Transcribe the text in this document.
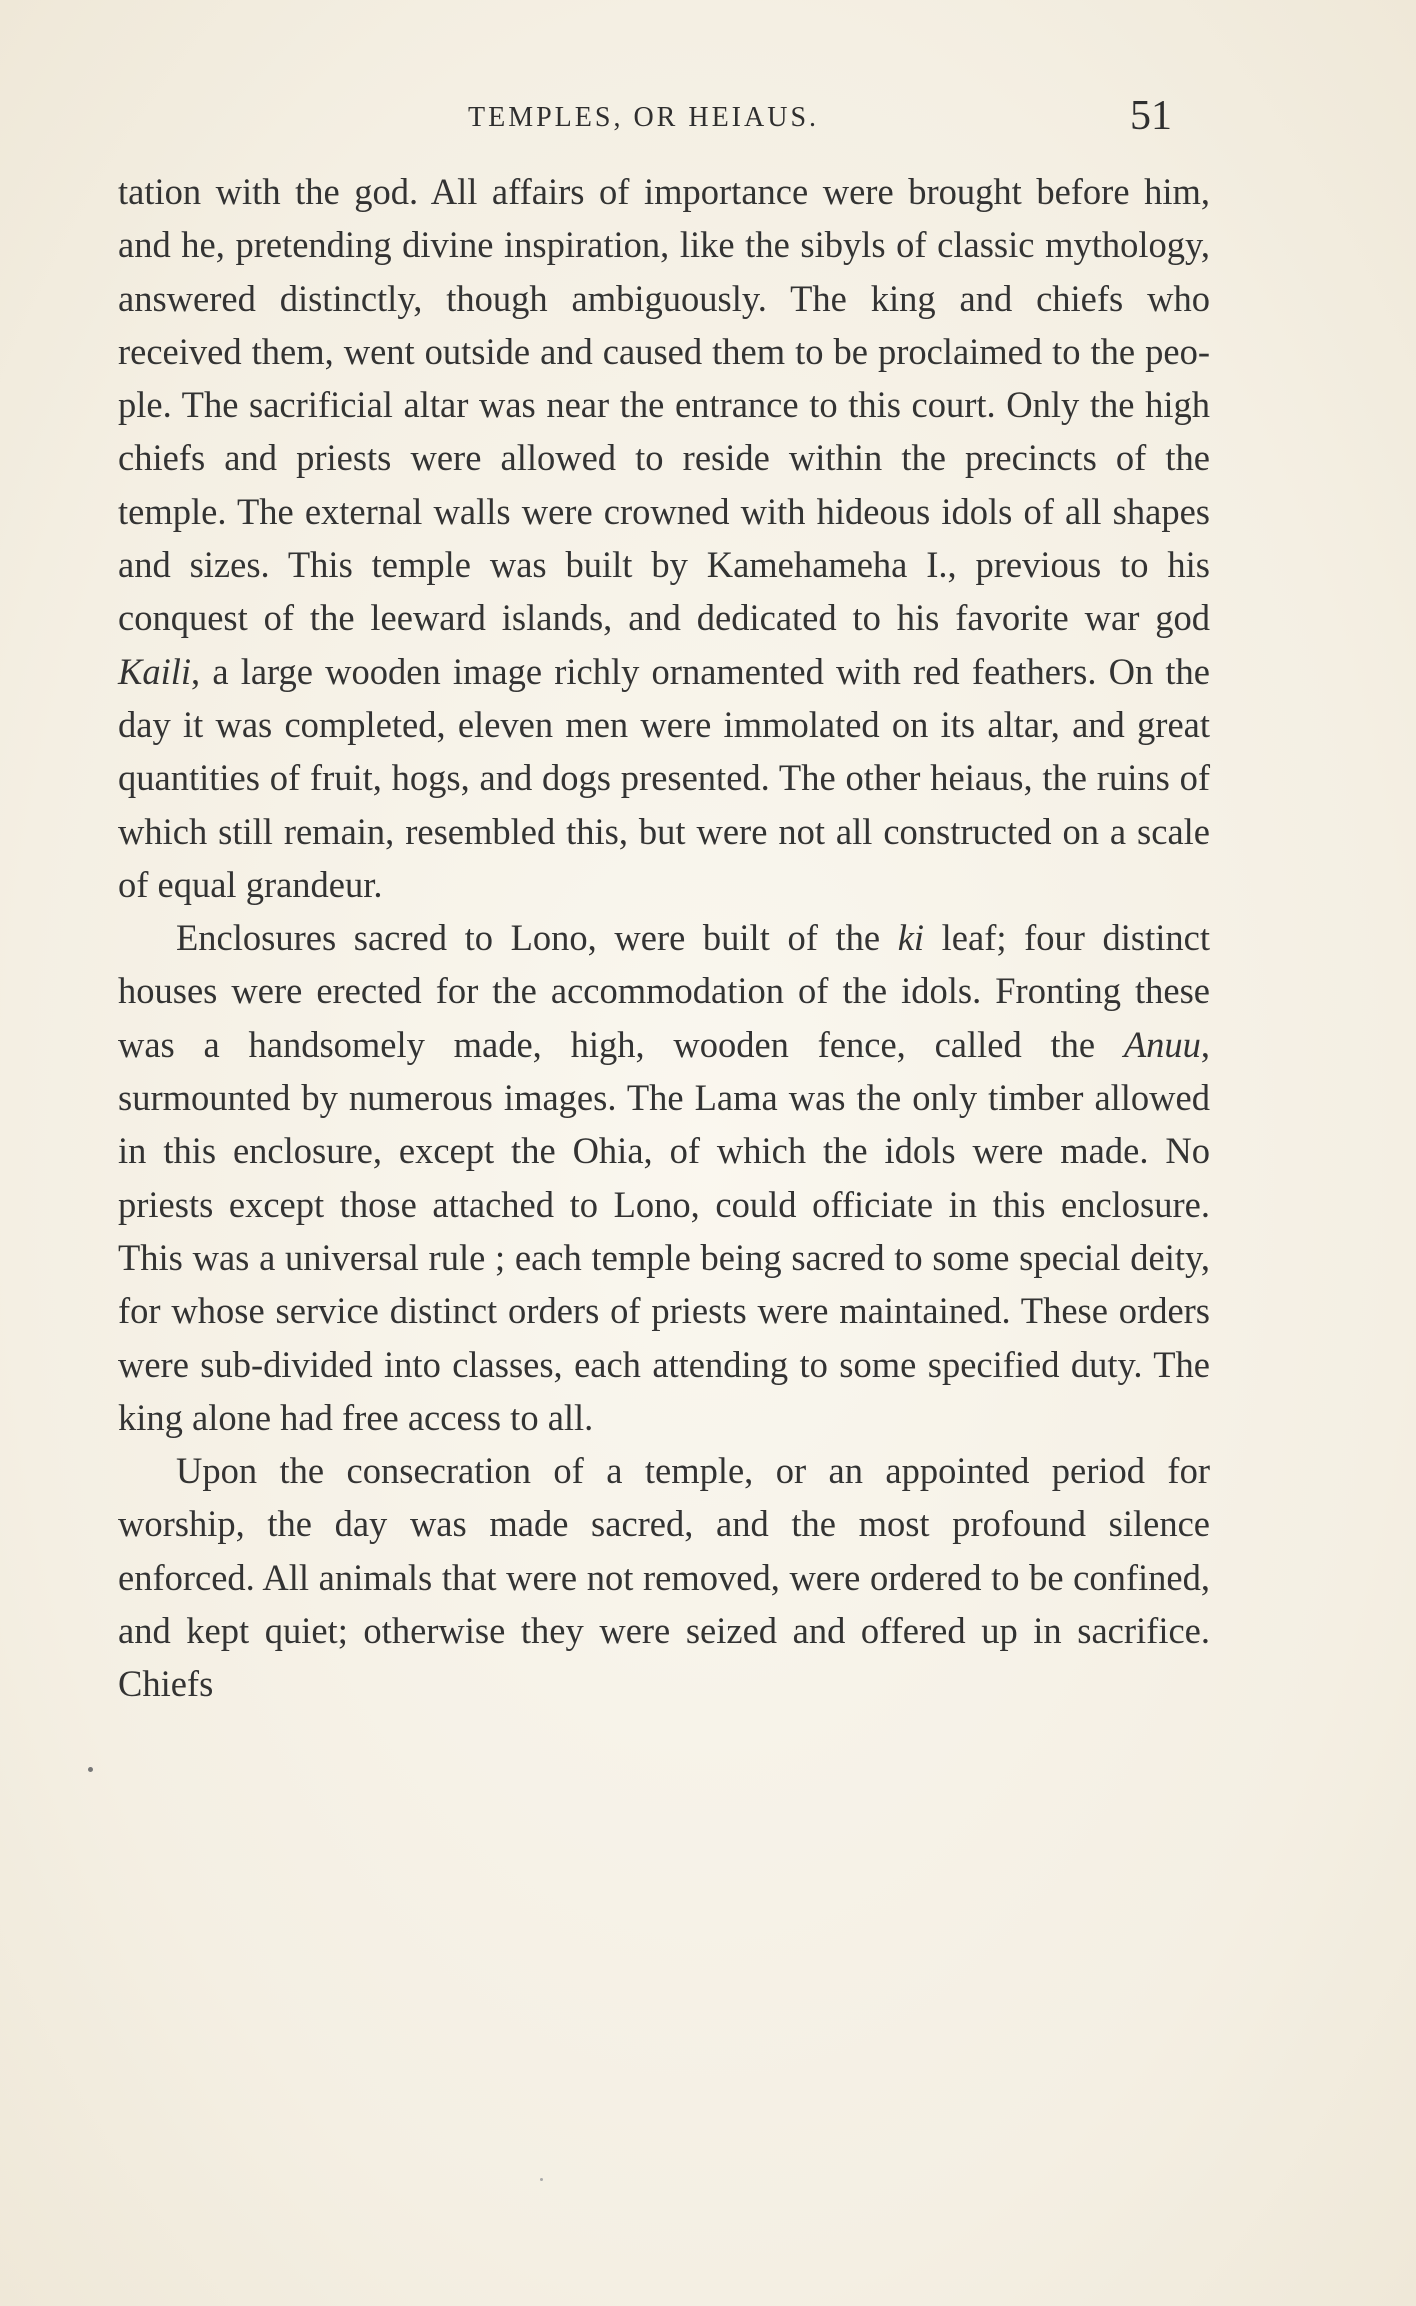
TEMPLES, OR HEIAUS.	51

tation with the god. All affairs of importance were brought before him, and he, pretending divine inspiration, like the sibyls of classic mythology, answered distinctly, though ambiguously. The king and chiefs who received them, went outside and caused them to be proclaimed to the people. The sacrificial altar was near the entrance to this court. Only the high chiefs and priests were allowed to reside within the precincts of the temple. The external walls were crowned with hideous idols of all shapes and sizes. This temple was built by Kamehameha I., previous to his conquest of the leeward islands, and dedicated to his favorite war god Kaili, a large wooden image richly ornamented with red feathers. On the day it was completed, eleven men were immolated on its altar, and great quantities of fruit, hogs, and dogs presented. The other heiaus, the ruins of which still remain, resembled this, but were not all constructed on a scale of equal grandeur.

Enclosures sacred to Lono, were built of the ki leaf; four distinct houses were erected for the accommodation of the idols. Fronting these was a handsomely made, high, wooden fence, called the Anuu, surmounted by numerous images. The Lama was the only timber allowed in this enclosure, except the Ohia, of which the idols were made. No priests except those attached to Lono, could officiate in this enclosure. This was a universal rule ; each temple being sacred to some special deity, for whose service distinct orders of priests were maintained. These orders were sub-divided into classes, each attending to some specified duty. The king alone had free access to all.

Upon the consecration of a temple, or an appointed period for worship, the day was made sacred, and the most profound silence enforced. All animals that were not removed, were ordered to be confined, and kept quiet; otherwise they were seized and offered up in sacrifice. Chiefs
